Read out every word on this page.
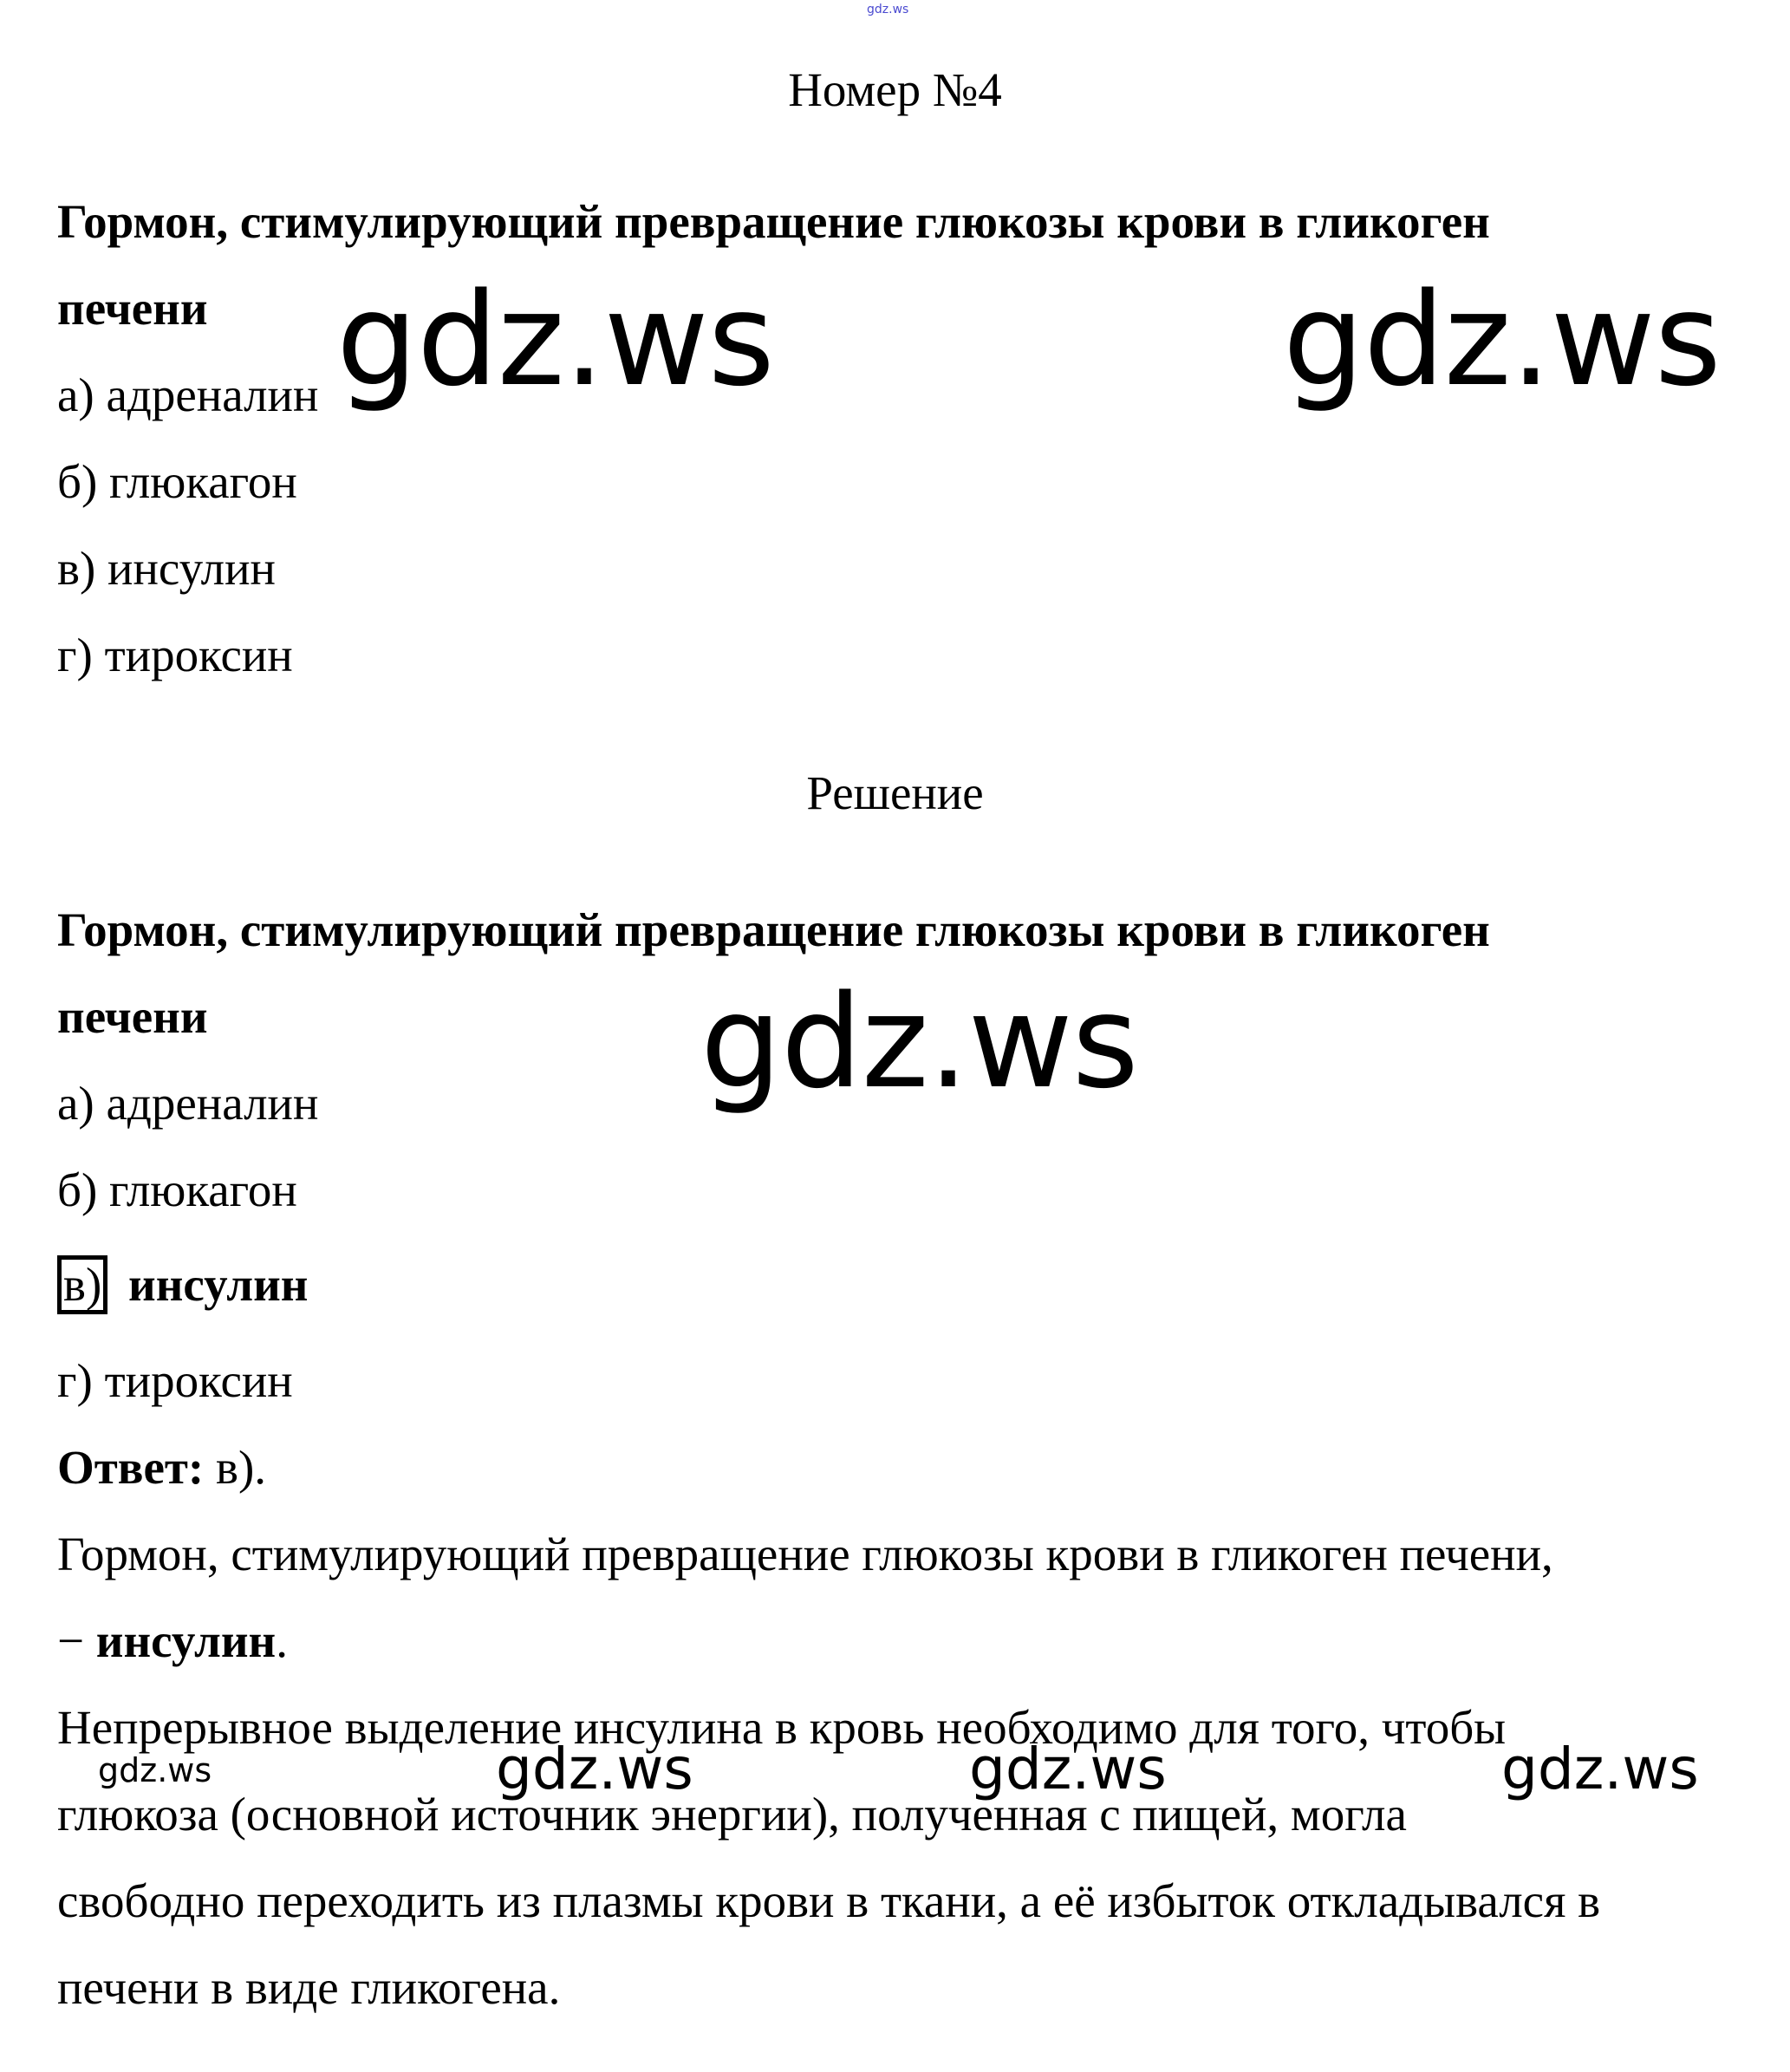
gdz.ws
Номер №4
Гормон, стимулирующий превращение глюкозы крови в гликоген
печени
а) адреналин
б) глюкагон
в) инсулин
г) тироксин
Решение
Гормон, стимулирующий превращение глюкозы крови в гликоген
печени
а) адреналин
б) глюкагон
в) инсулин
г) тироксин
Ответ: в).
Гормон, стимулирующий превращение глюкозы крови в гликоген печени,
− инсулин.
Непрерывное выделение инсулина в кровь необходимо для того, чтобы
глюкоза (основной источник энергии), полученная с пищей, могла
свободно переходить из плазмы крови в ткани, а её избыток откладывался в
печени в виде гликогена.
gdz.ws	gdz.ws
gdz.ws
gdz.ws	gdz.ws	gdz.ws	gdz.ws
